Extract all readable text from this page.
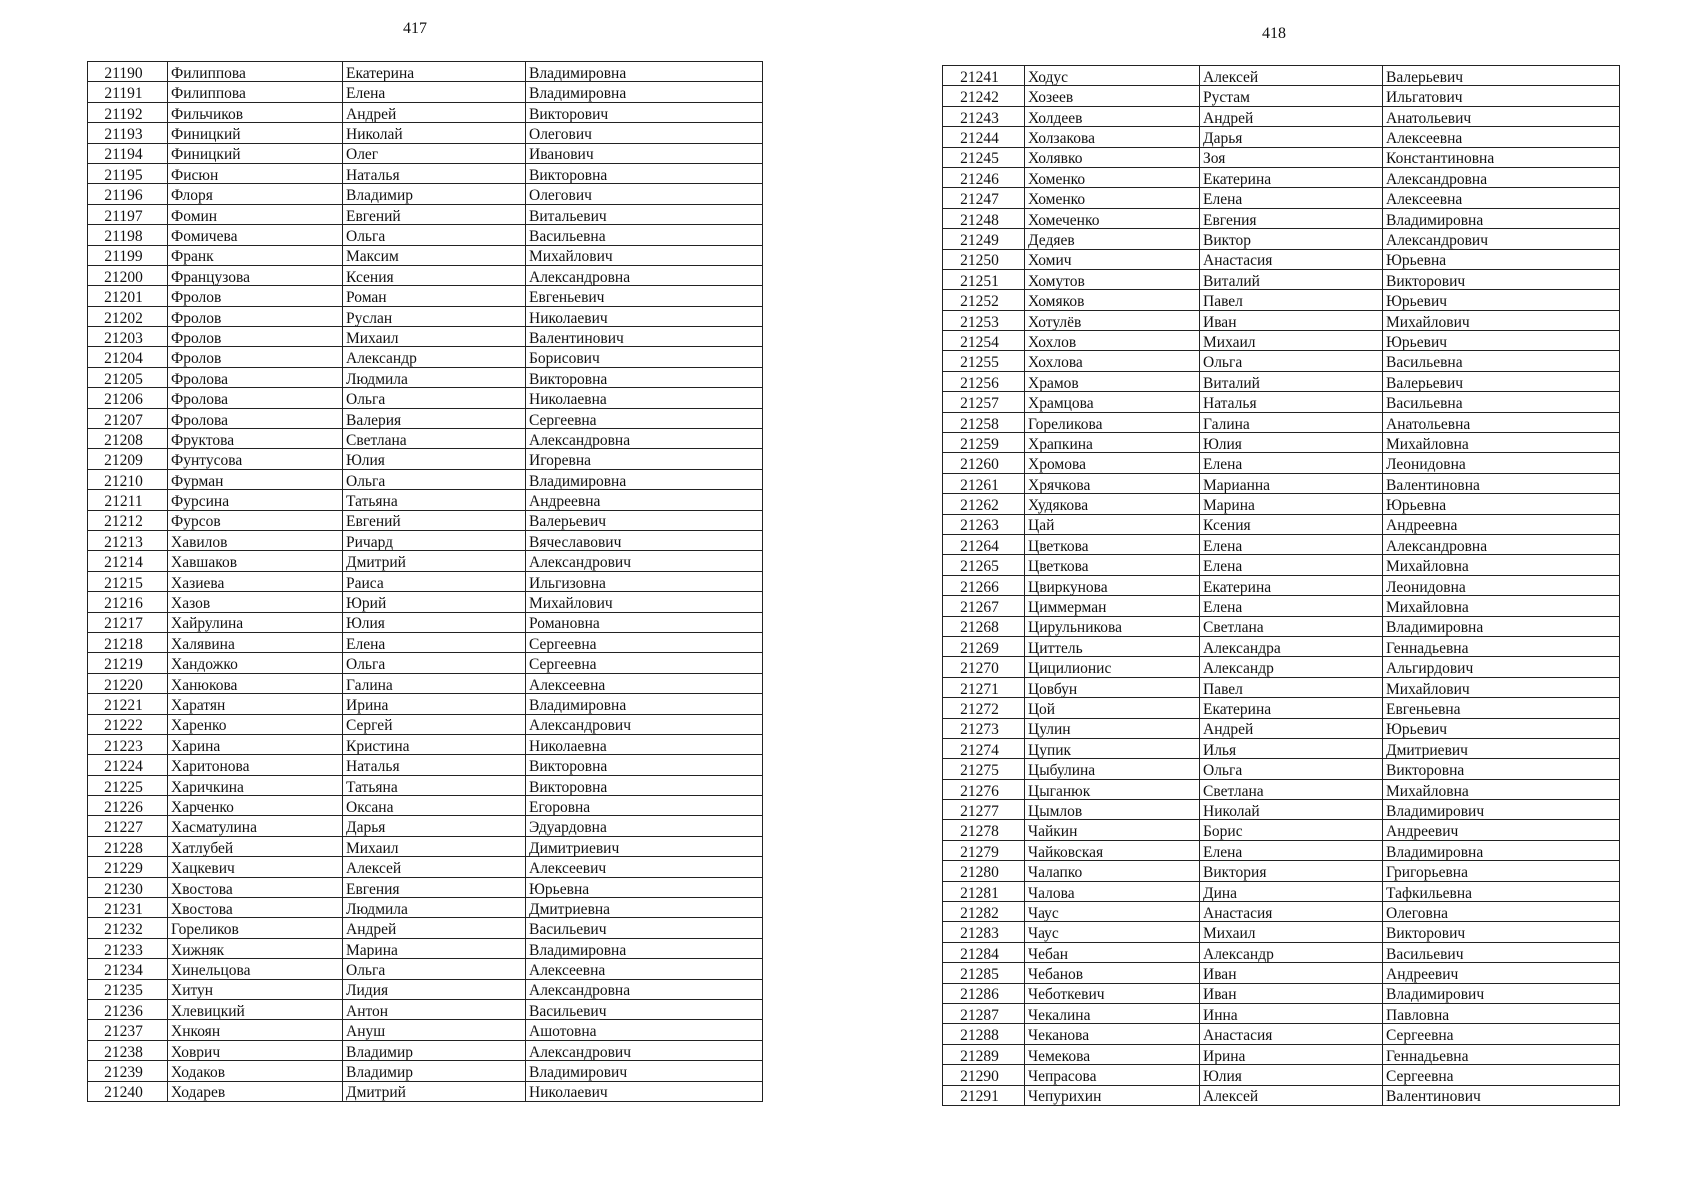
417	418
21190	Филиппова	Екатерина	Владимировна
21191	Филиппова	Елена	Владимировна
21192	Фильчиков	Андрей	Викторович
21193	Финицкий	Николай	Олегович
21194	Финицкий	Олег	Иванович
21195	Фисюн	Наталья	Викторовна
21196	Флоря	Владимир	Олегович
21197	Фомин	Евгений	Витальевич
21198	Фомичева	Ольга	Васильевна
21199	Франк	Максим	Михайлович
21200	Французова	Ксения	Александровна
21201	Фролов	Роман	Евгеньевич
21202	Фролов	Руслан	Николаевич
21203	Фролов	Михаил	Валентинович
21204	Фролов	Александр	Борисович
21205	Фролова	Людмила	Викторовна
21206	Фролова	Ольга	Николаевна
21207	Фролова	Валерия	Сергеевна
21208	Фруктова	Светлана	Александровна
21209	Фунтусова	Юлия	Игоревна
21210	Фурман	Ольга	Владимировна
21211	Фурсина	Татьяна	Андреевна
21212	Фурсов	Евгений	Валерьевич
21213	Хавилов	Ричард	Вячеславович
21214	Хавшаков	Дмитрий	Александрович
21215	Хазиева	Раиса	Ильгизовна
21216	Хазов	Юрий	Михайлович
21217	Хайрулина	Юлия	Романовна
21218	Халявина	Елена	Сергеевна
21219	Хандожко	Ольга	Сергеевна
21220	Ханюкова	Галина	Алексеевна
21221	Харатян	Ирина	Владимировна
21222	Харенко	Сергей	Александрович
21223	Харина	Кристина	Николаевна
21224	Харитонова	Наталья	Викторовна
21225	Харичкина	Татьяна	Викторовна
21226	Харченко	Оксана	Егоровна
21227	Хасматулина	Дарья	Эдуардовна
21228	Хатлубей	Михаил	Димитриевич
21229	Хацкевич	Алексей	Алексеевич
21230	Хвостова	Евгения	Юрьевна
21231	Хвостова	Людмила	Дмитриевна
21232	Гореликов	Андрей	Васильевич
21233	Хижняк	Марина	Владимировна
21234	Хинельцова	Ольга	Алексеевна
21235	Хитун	Лидия	Александровна
21236	Хлевицкий	Антон	Васильевич
21237	Хнкоян	Ануш	Ашотовна
21238	Ховрич	Владимир	Александрович
21239	Ходаков	Владимир	Владимирович
21240	Ходарев	Дмитрий	Николаевич
21241	Ходус	Алексей	Валерьевич
21242	Хозеев	Рустам	Ильгатович
21243	Холдеев	Андрей	Анатольевич
21244	Холзакова	Дарья	Алексеевна
21245	Холявко	Зоя	Константиновна
21246	Хоменко	Екатерина	Александровна
21247	Хоменко	Елена	Алексеевна
21248	Хомеченко	Евгения	Владимировна
21249	Дедяев	Виктор	Александрович
21250	Хомич	Анастасия	Юрьевна
21251	Хомутов	Виталий	Викторович
21252	Хомяков	Павел	Юрьевич
21253	Хотулёв	Иван	Михайлович
21254	Хохлов	Михаил	Юрьевич
21255	Хохлова	Ольга	Васильевна
21256	Храмов	Виталий	Валерьевич
21257	Храмцова	Наталья	Васильевна
21258	Гореликова	Галина	Анатольевна
21259	Храпкина	Юлия	Михайловна
21260	Хромова	Елена	Леонидовна
21261	Хрячкова	Марианна	Валентиновна
21262	Худякова	Марина	Юрьевна
21263	Цай	Ксения	Андреевна
21264	Цветкова	Елена	Александровна
21265	Цветкова	Елена	Михайловна
21266	Цвиркунова	Екатерина	Леонидовна
21267	Циммерман	Елена	Михайловна
21268	Цирульникова	Светлана	Владимировна
21269	Циттель	Александра	Геннадьевна
21270	Цицилионис	Александр	Альгирдович
21271	Цовбун	Павел	Михайлович
21272	Цой	Екатерина	Евгеньевна
21273	Цулин	Андрей	Юрьевич
21274	Цупик	Илья	Дмитриевич
21275	Цыбулина	Ольга	Викторовна
21276	Цыганюк	Светлана	Михайловна
21277	Цымлов	Николай	Владимирович
21278	Чайкин	Борис	Андреевич
21279	Чайковская	Елена	Владимировна
21280	Чалапко	Виктория	Григорьевна
21281	Чалова	Дина	Тафкильевна
21282	Чаус	Анастасия	Олеговна
21283	Чаус	Михаил	Викторович
21284	Чебан	Александр	Васильевич
21285	Чебанов	Иван	Андреевич
21286	Чеботкевич	Иван	Владимирович
21287	Чекалина	Инна	Павловна
21288	Чеканова	Анастасия	Сергеевна
21289	Чемекова	Ирина	Геннадьевна
21290	Чепрасова	Юлия	Сергеевна
21291	Чепурихин	Алексей	Валентинович
